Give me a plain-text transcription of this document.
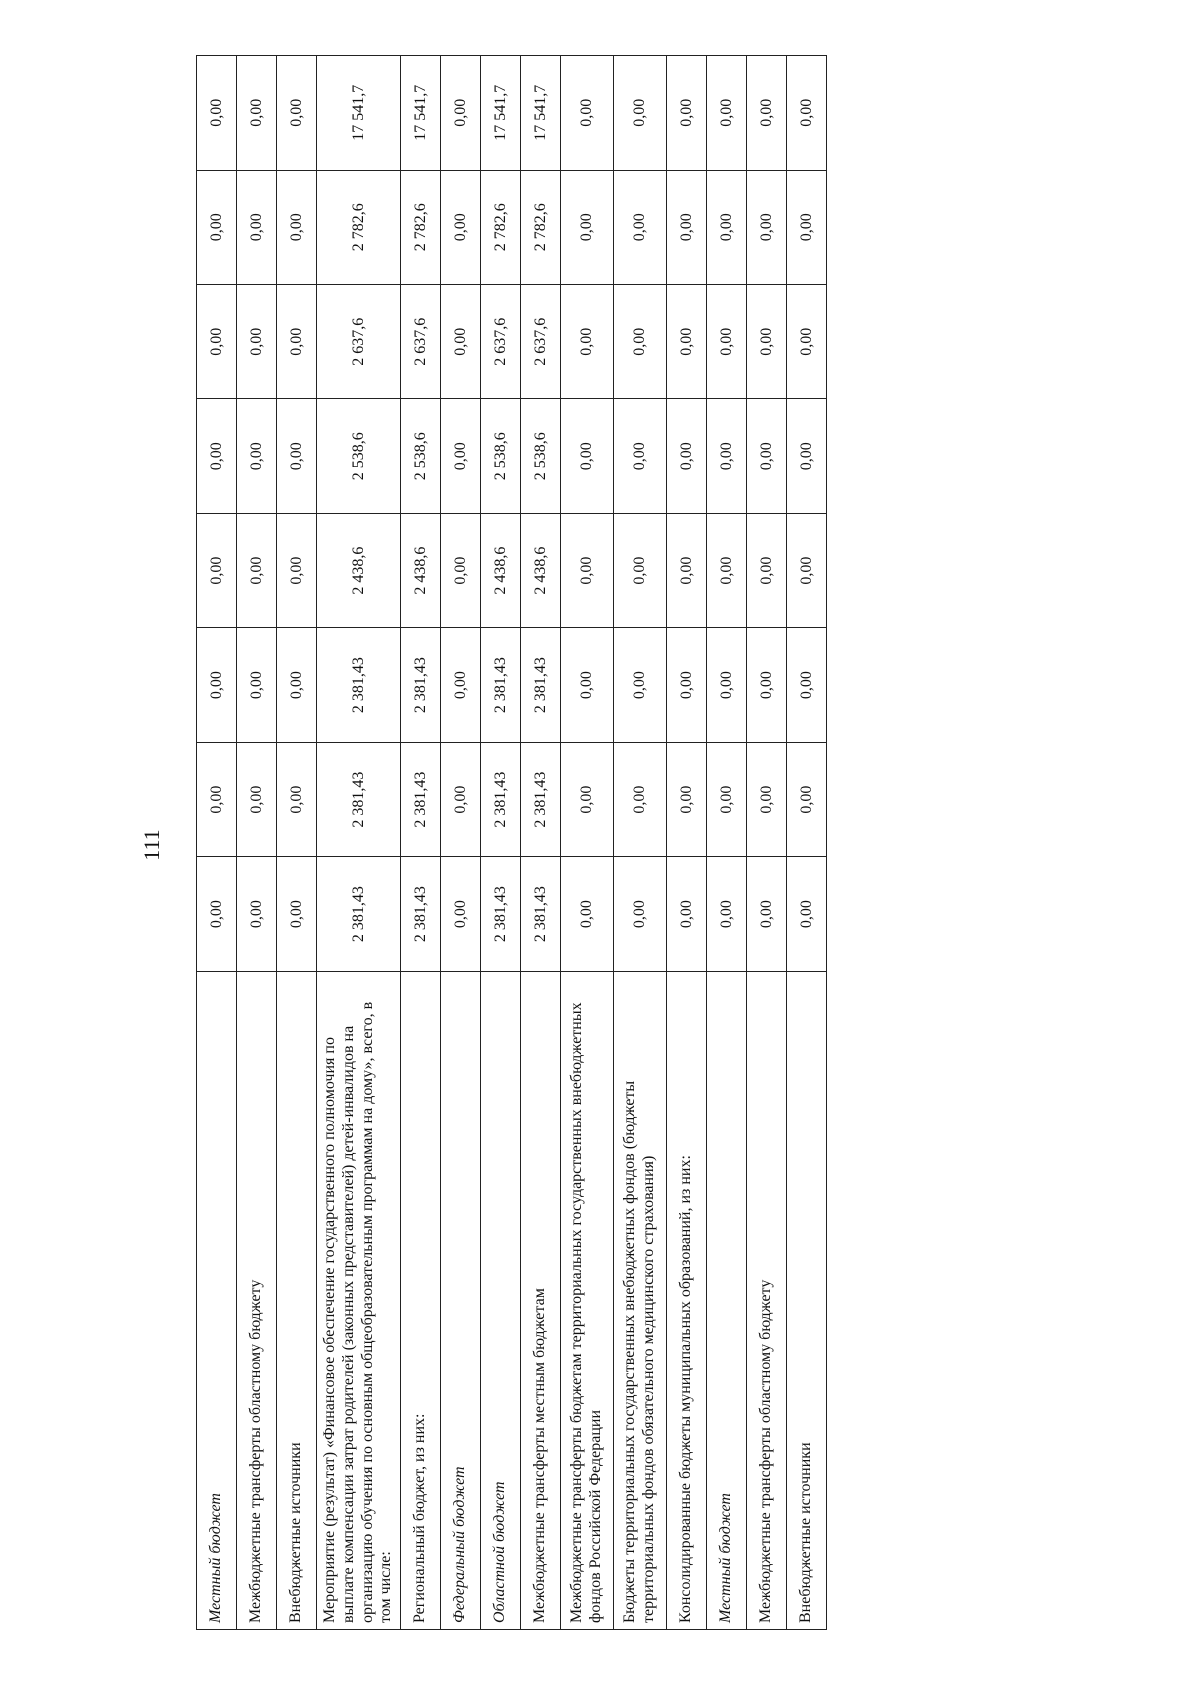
111
Местный бюджет	0,00	0,00	0,00	0,00	0,00	0,00	0,00	0,00
Межбюджетные трансферты областному бюджету	0,00	0,00	0,00	0,00	0,00	0,00	0,00	0,00
Внебюджетные источники	0,00	0,00	0,00	0,00	0,00	0,00	0,00	0,00
Мероприятие (результат) «Финансовое обеспечение государственного полномочия по выплате компенсации затрат родителей (законных представителей) детей-инвалидов на организацию обучения по основным общеобразовательным программам на дому», всего, в том числе:	2 381,43	2 381,43	2 381,43	2 438,6	2 538,6	2 637,6	2 782,6	17 541,7
Региональный бюджет, из них:	2 381,43	2 381,43	2 381,43	2 438,6	2 538,6	2 637,6	2 782,6	17 541,7
Федеральный бюджет	0,00	0,00	0,00	0,00	0,00	0,00	0,00	0,00
Областной бюджет	2 381,43	2 381,43	2 381,43	2 438,6	2 538,6	2 637,6	2 782,6	17 541,7
Межбюджетные трансферты местным бюджетам	2 381,43	2 381,43	2 381,43	2 438,6	2 538,6	2 637,6	2 782,6	17 541,7
Межбюджетные трансферты бюджетам территориальных государственных внебюджетных фондов Российской Федерации	0,00	0,00	0,00	0,00	0,00	0,00	0,00	0,00
Бюджеты территориальных государственных внебюджетных фондов (бюджеты территориальных фондов обязательного медицинского страхования)	0,00	0,00	0,00	0,00	0,00	0,00	0,00	0,00
Консолидированные бюджеты муниципальных образований, из них:	0,00	0,00	0,00	0,00	0,00	0,00	0,00	0,00
Местный бюджет	0,00	0,00	0,00	0,00	0,00	0,00	0,00	0,00
Межбюджетные трансферты областному бюджету	0,00	0,00	0,00	0,00	0,00	0,00	0,00	0,00
Внебюджетные источники	0,00	0,00	0,00	0,00	0,00	0,00	0,00	0,00
